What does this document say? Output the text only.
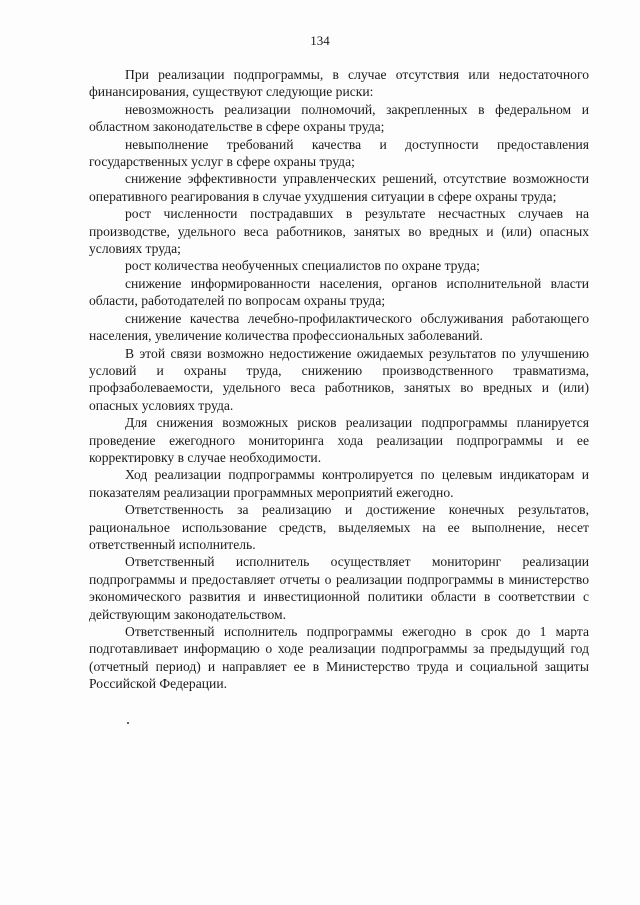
134

При реализации подпрограммы, в случае отсутствия или недостаточного финансирования, существуют следующие риски:

невозможность реализации полномочий, закрепленных в федеральном и областном законодательстве в сфере охраны труда;

невыполнение требований качества и доступности предоставления государственных услуг в сфере охраны труда;

снижение эффективности управленческих решений, отсутствие возможности оперативного реагирования в случае ухудшения ситуации в сфере охраны труда;

рост численности пострадавших в результате несчастных случаев на производстве, удельного веса работников, занятых во вредных и (или) опасных условиях труда;

рост количества необученных специалистов по охране труда;

снижение информированности населения, органов исполнительной власти области, работодателей по вопросам охраны труда;

снижение качества лечебно-профилактического обслуживания работающего населения, увеличение количества профессиональных заболеваний.

В этой связи возможно недостижение ожидаемых результатов по улучшению условий и охраны труда, снижению производственного травматизма, профзаболеваемости, удельного веса работников, занятых во вредных и (или) опасных условиях труда.

Для снижения возможных рисков реализации подпрограммы планируется проведение ежегодного мониторинга хода реализации подпрограммы и ее корректировку в случае необходимости.

Ход реализации подпрограммы контролируется по целевым индикаторам и показателям реализации программных мероприятий ежегодно.

Ответственность за реализацию и достижение конечных результатов, рациональное использование средств, выделяемых на ее выполнение, несет ответственный исполнитель.

Ответственный исполнитель осуществляет мониторинг реализации подпрограммы и предоставляет отчеты о реализации подпрограммы в министерство экономического развития и инвестиционной политики области в соответствии с действующим законодательством.

Ответственный исполнитель подпрограммы ежегодно в срок до 1 марта подготавливает информацию о ходе реализации подпрограммы за предыдущий год (отчетный период) и направляет ее в Министерство труда и социальной защиты Российской Федерации.
